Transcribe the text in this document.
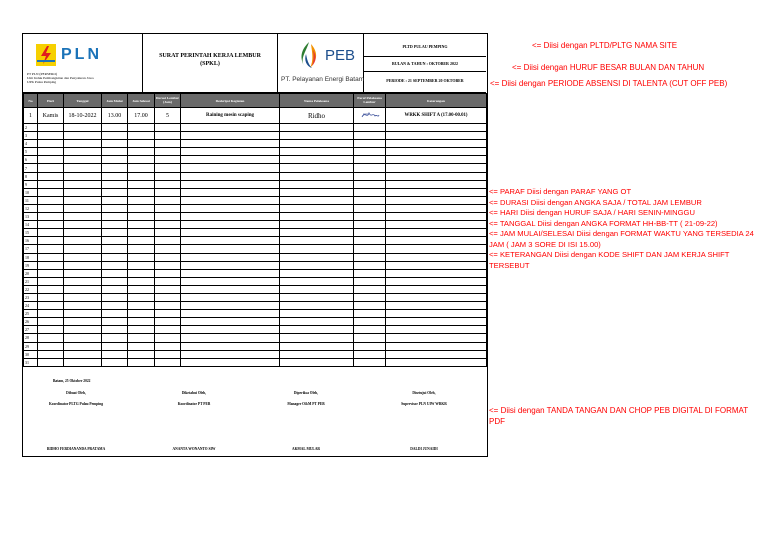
PLN
PT PLN (PERSERO)
Unit Induk Pembangkitan dan Penyaluran Jawa
UPK Pulau Pemping
SURAT PERINTAH KERJA LEMBUR
(SPKL)	PEB
PT. Pelayanan Energi Batam
PLTD PULAU PEMPING
BULAN & TAHUN : OKTOBER 2022
PERIODE : 21 SEPTEMBER 20 OKTOBER
No	Hari	Tanggal	Jam Mulai	Jam Selesai	Durasi Lembur (Jam)	Deskripsi Kegiatan	Nama Pelaksana	Paraf Pelaksana Lembur	Keterangan
1	Kamis	18-10-2022	13.00	17.00	5	Raining mesin scaping	Ridho		WRKK SHIFT A (17.00-00.01)
2									
3									
4									
5									
6									
7									
8									
9									
10									
11									
12									
13									
14									
15									
16									
17									
18									
19									
20									
21									
22									
23									
24									
25									
26									
27									
28									
29									
30									
31									
Batam, 25 Oktober 2022
Dibuat Oleh,	Diketahui Oleh,	Diperiksa Oleh,	Disetujui Oleh,
Koordinator PLTG Pulau Pemping	Koordinator PT PEB	Manager O&M PT PEB	Supervisor PLN UIW WRKR
RIDHO FERDIANANDA PRATAMA	ANANTA WONANTO SIW	AKMAL MULAR	DALDI JUNAIDI
<= Diisi dengan PLTD/PLTG NAMA SITE
<= Diisi dengan HURUF BESAR BULAN DAN TAHUN
<= Diisi dengan PERIODE ABSENSI DI TALENTA (CUT OFF PEB)
<= PARAF Diisi dengan PARAF YANG OT
<= DURASI Diisi dengan ANGKA SAJA / TOTAL JAM LEMBUR
<= HARI Diisi dengan HURUF SAJA / HARI SENIN-MINGGU
<= TANGGAL Diisi dengan ANGKA FORMAT HH-BB-TT ( 21-09-22)
<= JAM MULAI/SELESAI Diisi dengan FORMAT WAKTU YANG TERSEDIA 24 JAM ( JAM 3 SORE DI ISI 15.00)
<= KETERANGAN Diisi dengan KODE SHIFT DAN JAM KERJA SHIFT TERSEBUT
<= Diisi dengan TANDA TANGAN DAN CHOP PEB DIGITAL DI FORMAT PDF
